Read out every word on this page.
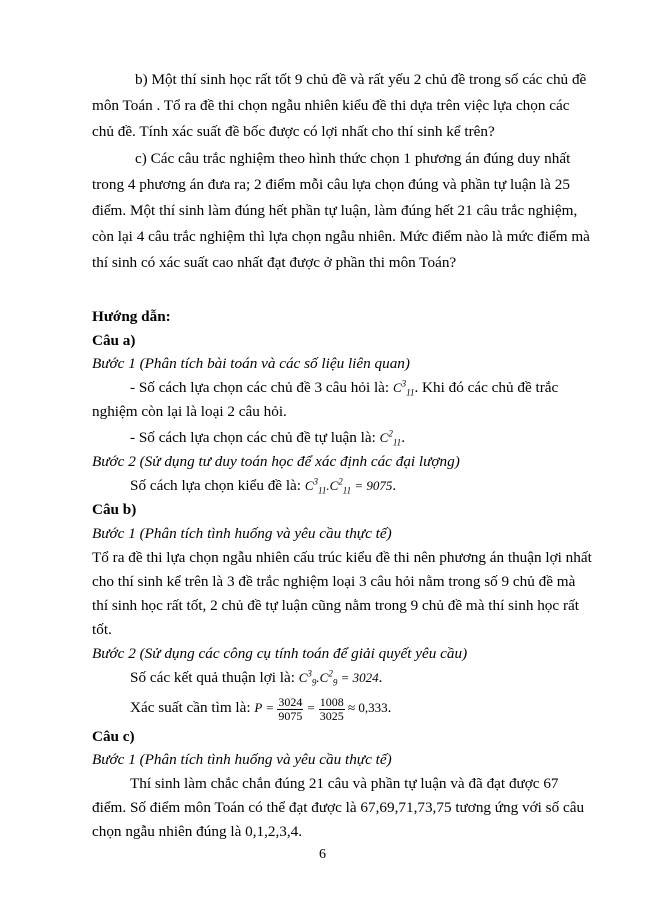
b) Một thí sinh học rất tốt 9 chủ đề và rất yếu 2 chủ đề trong số các chủ đề
môn Toán . Tổ ra đề thi chọn ngẫu nhiên kiểu đề thi dựa trên việc lựa chọn các
chủ đề. Tính xác suất đề bốc được có lợi nhất cho thí sinh kể trên?
c) Các câu trắc nghiệm theo hình thức chọn 1 phương án đúng duy nhất
trong 4 phương án đưa ra; 2 điểm mỗi câu lựa chọn đúng và phần tự luận là 25
điểm. Một thí sinh làm đúng hết phần tự luận, làm đúng hết 21 câu trắc nghiệm,
còn lại 4 câu trắc nghiệm thì lựa chọn ngẫu nhiên. Mức điểm nào là mức điểm mà
thí sinh có xác suất cao nhất đạt được ở phần thi môn Toán?
Hướng dẫn:
Câu a)
Bước 1 (Phân tích bài toán và các số liệu liên quan)
- Số cách lựa chọn các chủ đề 3 câu hỏi là: $C^3_{11}$. Khi đó các chủ đề trắc
nghiệm còn lại là loại 2 câu hỏi.
- Số cách lựa chọn các chủ đề tự luận là: $C^2_{11}$.
Bước 2 (Sử dụng tư duy toán học để xác định các đại lượng)
Số cách lựa chọn kiểu đề là: $C^3_{11}.C^2_{11} = 9075$.
Câu b)
Bước 1 (Phân tích tình huống và yêu cầu thực tế)
Tổ ra đề thi lựa chọn ngẫu nhiên cấu trúc kiểu đề thi nên phương án thuận lợi nhất
cho thí sinh kể trên là 3 đề trắc nghiệm loại 3 câu hỏi nằm trong số 9 chủ đề mà
thí sinh học rất tốt, 2 chủ đề tự luận cũng nằm trong 9 chủ đề mà thí sinh học rất
tốt.
Bước 2 (Sử dụng các công cụ tính toán để giải quyết yêu cầu)
Số các kết quả thuận lợi là: $C^3_9.C^2_9 = 3024$.
Xác suất cần tìm là: $P = \frac{3024}{9075} = \frac{1008}{3025} \approx 0,333$.
Câu c)
Bước 1 (Phân tích tình huống và yêu cầu thực tế)
Thí sinh làm chắc chắn đúng 21 câu và phần tự luận và đã đạt được 67
điểm. Số điểm môn Toán có thể đạt được là 67,69,71,73,75 tương ứng với số câu
chọn ngẫu nhiên đúng là 0,1,2,3,4.
6
